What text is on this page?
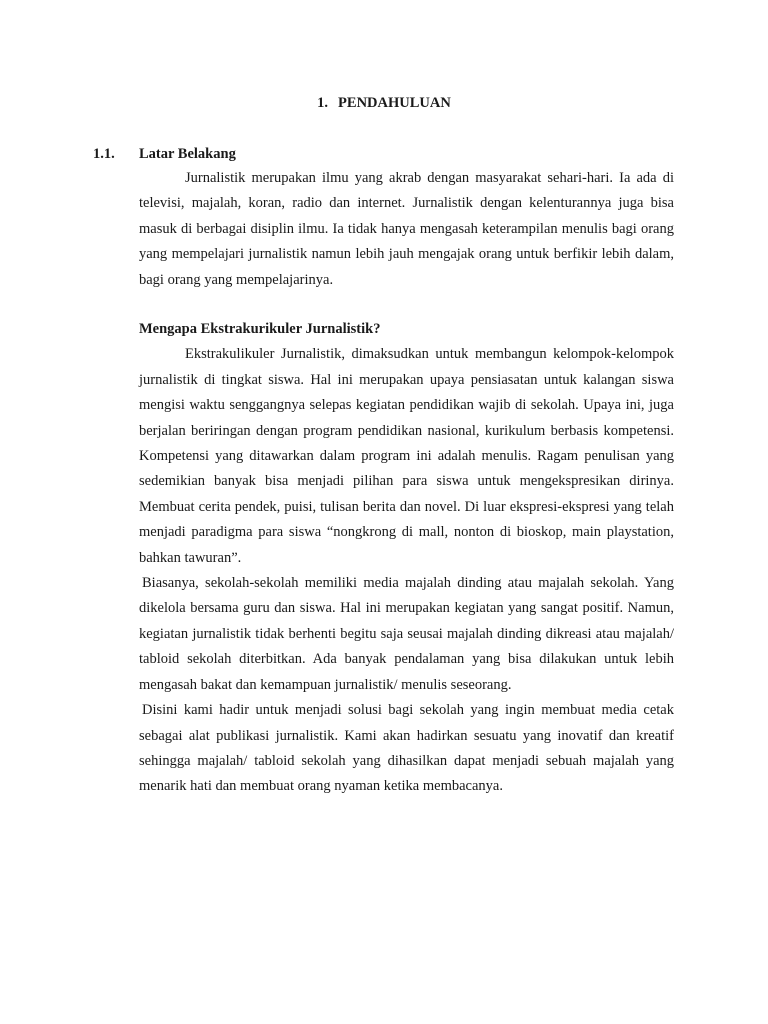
1. PENDAHULUAN
1.1. Latar Belakang

Jurnalistik merupakan ilmu yang akrab dengan masyarakat sehari-hari. Ia ada di televisi, majalah, koran, radio dan internet. Jurnalistik dengan kelenturannya juga bisa masuk di berbagai disiplin ilmu. Ia tidak hanya mengasah keterampilan menulis bagi orang yang mempelajari jurnalistik namun lebih jauh mengajak orang untuk berfikir lebih dalam, bagi orang yang mempelajarinya.

Mengapa Ekstrakurikuler Jurnalistik?

Ekstrakulikuler Jurnalistik, dimaksudkan untuk membangun kelompok-kelompok jurnalistik di tingkat siswa. Hal ini merupakan upaya pensiasatan untuk kalangan siswa mengisi waktu senggangnya selepas kegiatan pendidikan wajib di sekolah. Upaya ini, juga berjalan beriringan dengan program pendidikan nasional, kurikulum berbasis kompetensi. Kompetensi yang ditawarkan dalam program ini adalah menulis. Ragam penulisan yang sedemikian banyak bisa menjadi pilihan para siswa untuk mengekspresikan dirinya. Membuat cerita pendek, puisi, tulisan berita dan novel. Di luar ekspresi-ekspresi yang telah menjadi paradigma para siswa “nongkrong di mall, nonton di bioskop, main playstation, bahkan tawuran”.

Biasanya, sekolah-sekolah memiliki media majalah dinding atau majalah sekolah. Yang dikelola bersama guru dan siswa. Hal ini merupakan kegiatan yang sangat positif. Namun, kegiatan jurnalistik tidak berhenti begitu saja seusai majalah dinding dikreasi atau majalah/ tabloid sekolah diterbitkan. Ada banyak pendalaman yang bisa dilakukan untuk lebih mengasah bakat dan kemampuan jurnalistik/ menulis seseorang.

Disini kami hadir untuk menjadi solusi bagi sekolah yang ingin membuat media cetak sebagai alat publikasi jurnalistik. Kami akan hadirkan sesuatu yang inovatif dan kreatif sehingga majalah/ tabloid sekolah yang dihasilkan dapat menjadi sebuah majalah yang menarik hati dan membuat orang nyaman ketika membacanya.
